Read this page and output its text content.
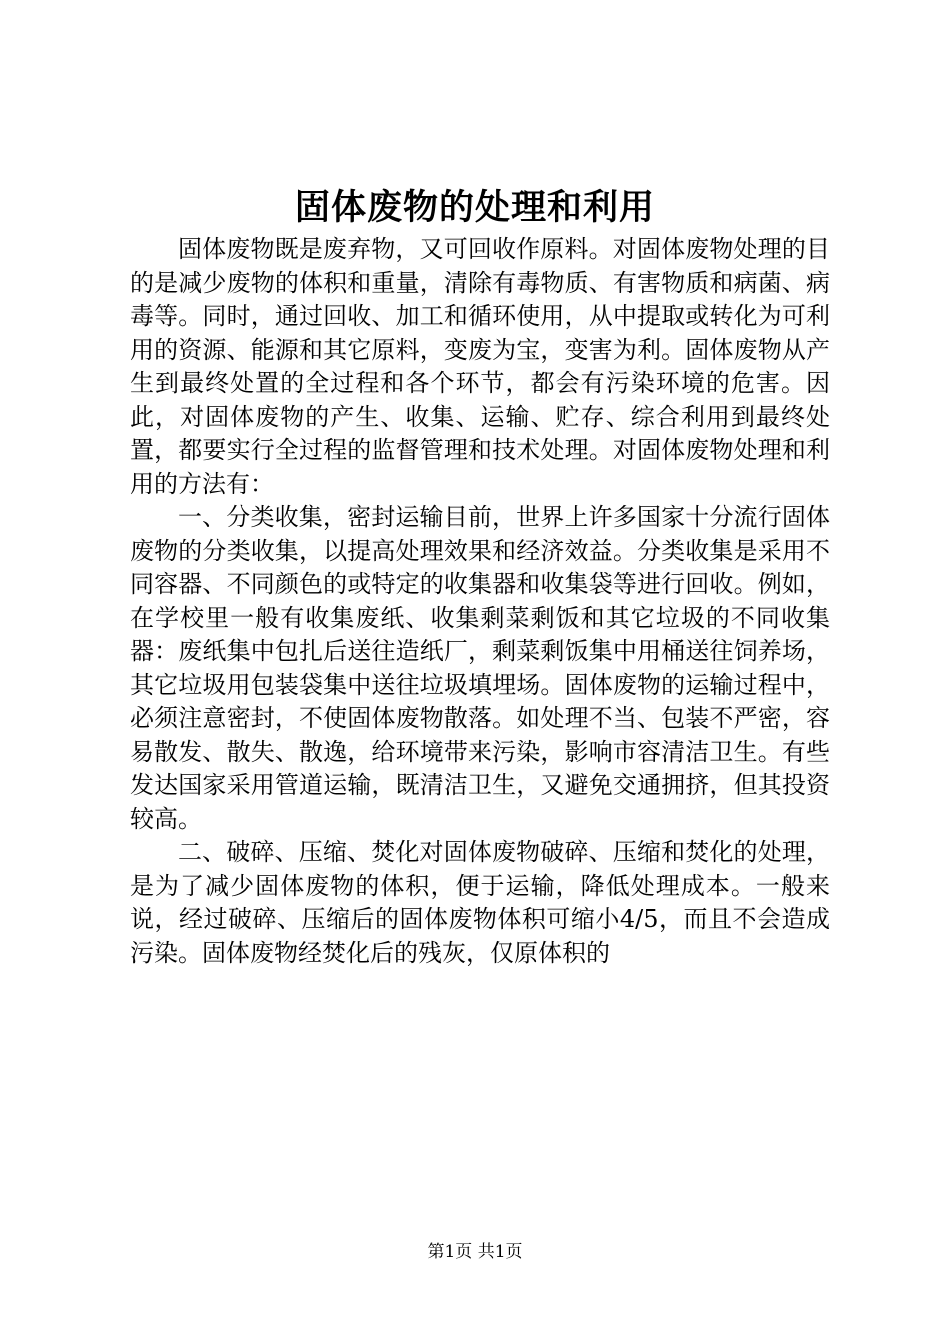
固体废物的处理和利用

固体废物既是废弃物，又可回收作原料。对固体废物处理的目的是减少废物的体积和重量，清除有毒物质、有害物质和病菌、病毒等。同时，通过回收、加工和循环使用，从中提取或转化为可利用的资源、能源和其它原料，变废为宝，变害为利。固体废物从产生到最终处置的全过程和各个环节，都会有污染环境的危害。因此，对固体废物的产生、收集、运输、贮存、综合利用到最终处置，都要实行全过程的监督管理和技术处理。对固体废物处理和利用的方法有：

一、分类收集，密封运输目前，世界上许多国家十分流行固体废物的分类收集，以提高处理效果和经济效益。分类收集是采用不同容器、不同颜色的或特定的收集器和收集袋等进行回收。例如，在学校里一般有收集废纸、收集剩菜剩饭和其它垃圾的不同收集器：废纸集中包扎后送往造纸厂，剩菜剩饭集中用桶送往饲养场，其它垃圾用包装袋集中送往垃圾填埋场。固体废物的运输过程中，必须注意密封，不使固体废物散落。如处理不当、包装不严密，容易散发、散失、散逸，给环境带来污染，影响市容清洁卫生。有些发达国家采用管道运输，既清洁卫生，又避免交通拥挤，但其投资较高。

二、破碎、压缩、焚化对固体废物破碎、压缩和焚化的处理，是为了减少固体废物的体积，便于运输，降低处理成本。一般来说，经过破碎、压缩后的固体废物体积可缩小4/5，而且不会造成污染。固体废物经焚化后的残灰，仅原体积的

第1页 共1页
